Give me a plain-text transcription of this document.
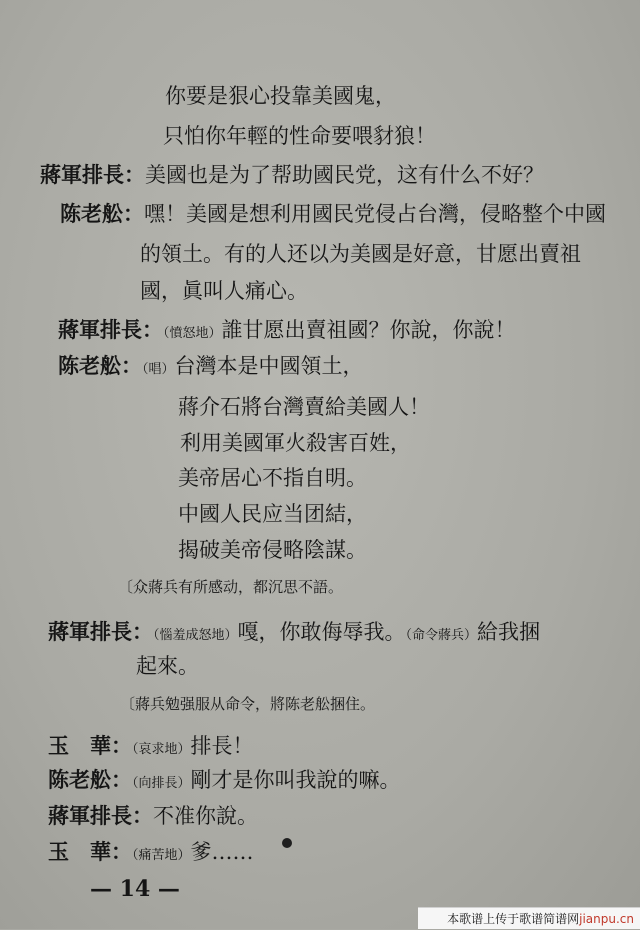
你要是狠心投靠美國鬼，
只怕你年輕的性命要喂豺狼！
蔣軍排長：美國也是为了帮助國民党，这有什么不好？
陈老舩：嘿！美國是想利用國民党侵占台灣，侵略整个中國
的領土。有的人还以为美國是好意，甘愿出賣祖
國，眞叫人痛心。
蔣軍排長：（憤怒地）誰甘愿出賣祖國？你說，你說！
陈老舩：（唱）台灣本是中國領土，
蔣介石將台灣賣給美國人！
利用美國軍火殺害百姓，
美帝居心不指自明。
中國人民应当团結，
揭破美帝侵略陰謀。
〔众蔣兵有所感动，都沉思不語。
蔣軍排長：（惱羞成怒地）嘎，你敢侮辱我。（命令蔣兵）給我捆
起來。
〔蔣兵勉强服从命令，將陈老舩捆住。
玉　華：（哀求地）排長！
陈老舩：（向排長）剛才是你叫我說的嘛。
蔣軍排長：不准你說。
玉　華：（痛苦地）爹……
— 14 —
本歌谱上传于歌谱简谱网jianpu.cn
